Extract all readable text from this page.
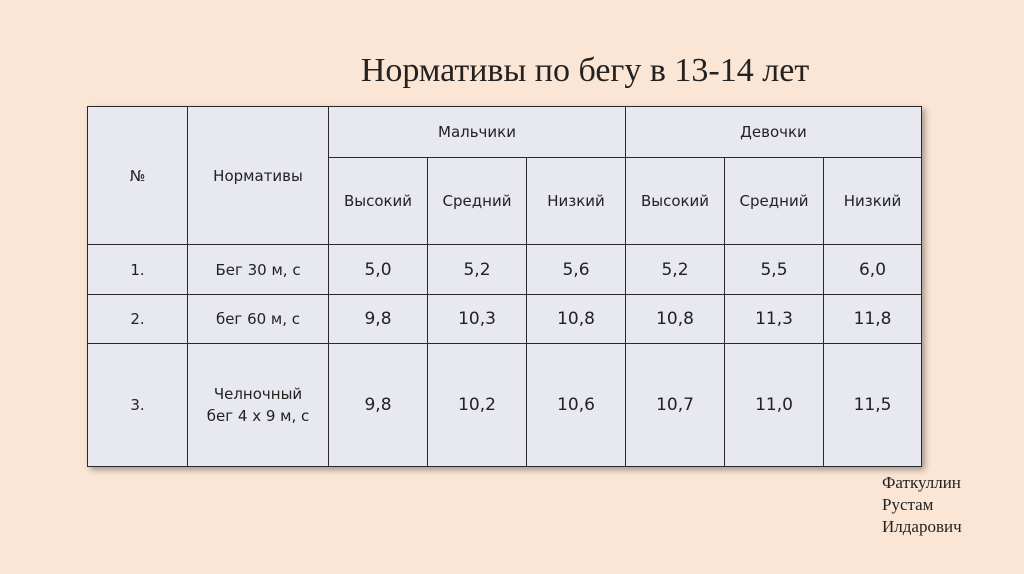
Нормативы по бегу в 13-14 лет
№	Нормативы	Мальчики			Девочки		
		Высокий	Средний	Низкий	Высокий	Средний	Низкий
1.	Бег 30 м, с	5,0	5,2	5,6	5,2	5,5	6,0
2.	бег 60 м, с	9,8	10,3	10,8	10,8	11,3	11,8
3.	Челночный
бег 4 х 9 м, с	9,8	10,2	10,6	10,7	11,0	11,5
Фаткуллин
Рустам
Илдарович
